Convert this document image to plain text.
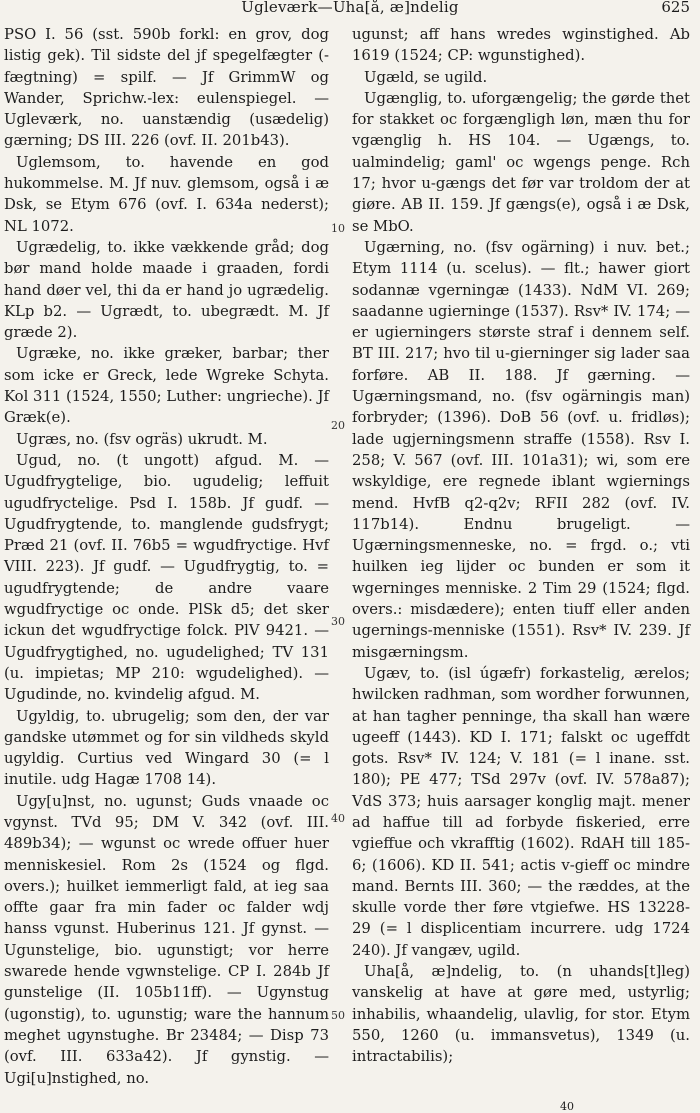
Ugleværk—Uha[å, æ]ndelig	625

PSO I. 56 (sst. 590b forkl: en grov, dog listig gek). Til sidste del jf spegelfægter (-fægtning) = spilf. — Jf GrimmW og Wander, Sprichw.-lex: eulenspiegel. — Ugleværk, no. uanstændig (usædelig) gærning; DS III. 226 (ovf. II. 201b43).

Uglemsom, to. havende en god hukommelse. M. Jf nuv. glemsom, også i æ Dsk, se Etym 676 (ovf. I. 634a nederst); NL 1072.

Ugrædelig, to. ikke vækkende gråd; dog bør mand holde maade i graaden, fordi hand døer vel, thi da er hand jo ugrædelig. KLp b2. — Ugrædt, to. ubegrædt. M. Jf græde 2).

Ugræke, no. ikke græker, barbar; ther som icke er Greck, lede Wgreke Schyta. Kol 311 (1524, 1550; Luther: ungrieche). Jf Græk(e).

Ugræs, no. (fsv ogräs) ukrudt. M.

Ugud, no. (t ungott) afgud. M. — Ugudfrygtelige, bio. ugudelig; leffuit ugudfryctelige. Psd I. 158b. Jf gudf. — Ugudfrygtende, to. manglende gudsfrygt; Præd 21 (ovf. II. 76b5 = wgudfryctige. Hvf VIII. 223). Jf gudf. — Ugudfrygtig, to. = ugudfrygtende; de andre vaare wgudfryctige oc onde. PlSk d5; det sker ickun det wgudfryctige folck. PlV 9421. — Ugudfrygtighed, no. ugudelighed; TV 131 (u. impietas; MP 210: wgudelighed). — Ugudinde, no. kvindelig afgud. M.

Ugyldig, to. ubrugelig; som den, der var gandske utømmet og for sin vildheds skyld ugyldig. Curtius ved Wingard 30 (= l inutile. udg Hagæ 1708 14).

Ugy[u]nst, no. ugunst; Guds vnaade oc vgynst. TVd 95; DM V. 342 (ovf. III. 489b34); — wgunst oc wrede offuer huer menniskesiel. Rom 2s (1524 og flgd. overs.); huilket iemmerligt fald, at ieg saa offte gaar fra min fader oc falder wdj hanss vgunst. Huberinus 121. Jf gynst. — Ugunstelige, bio. ugunstigt; vor herre swarede hende vgwnstelige. CP I. 284b Jf gunstelige (II. 105b11ff). — Ugynstug (ugonstig), to. ugunstig; ware the hannum meghet ugynstughe. Br 23484; — Disp 73 (ovf. III. 633a42). Jf gynstig. — Ugi[u]nstighed, no.

10
20
30
40
50

ugunst; aff hans wredes wginstighed. Ab 1619 (1524; CP: wgunstighed).

Ugæld, se ugild.

Ugænglig, to. uforgængelig; the gørde thet for stakket oc forgængligh løn, mæn thu for vgænglig h. HS 104. — Ugængs, to. ualmindelig; gaml' oc wgengs penge. Rch 17; hvor u-gængs det før var troldom der at giøre. AB II. 159. Jf gængs(e), også i æ Dsk, se MbO.

Ugærning, no. (fsv ogärning) i nuv. bet.; Etym 1114 (u. scelus). — flt.; hawer giort sodannæ vgerningæ (1433). NdM VI. 269; saadanne ugierninge (1537). Rsv* IV. 174; — er ugierningers største straf i dennem self. BT III. 217; hvo til u-gierninger sig lader saa forføre. AB II. 188. Jf gærning. — Ugærningsmand, no. (fsv ogärningis man) forbryder; (1396). DoB 56 (ovf. u. fridløs); lade ugjerningsmenn straffe (1558). Rsv I. 258; V. 567 (ovf. III. 101a31); wi, som ere wskyldige, ere regnede iblant wgiernings mend. HvfB q2-q2v; RFII 282 (ovf. IV. 117b14). Endnu brugeligt. — Ugærningsmenneske, no. = frgd. o.; vti huilken ieg lijder oc bunden er som it wgerninges menniske. 2 Tim 29 (1524; flgd. overs.: misdædere); enten tiuff eller anden ugernings-menniske (1551). Rsv* IV. 239. Jf misgærningsm.

Ugæv, to. (isl úgæfr) forkastelig, ærelos; hwilcken radhman, som wordher forwunnen, at han tagher penninge, tha skall han wære ugeeff (1443). KD I. 171; falskt oc ugeffdt gots. Rsv* IV. 124; V. 181 (= l inane. sst. 180); PE 477; TSd 297v (ovf. IV. 578a87); VdS 373; huis aarsager konglig majt. mener ad haffue till ad forbyde fiskeried, erre vgieffue och vkrafftig (1602). RdAH till 185-6; (1606). KD II. 541; actis v-gieff oc mindre mand. Bernts III. 360; — the ræddes, at the skulle vorde ther føre vtgiefwe. HS 13228-29 (= l displicentiam incurrere. udg 1724 240). Jf vangæv, ugild.

Uha[å, æ]ndelig, to. (n uhands[t]leg) vanskelig at have at gøre med, ustyrlig; inhabilis, whaandelig, ulavlig, for stor. Etym 550, 1260 (u. immansvetus), 1349 (u. intractabilis);

40
